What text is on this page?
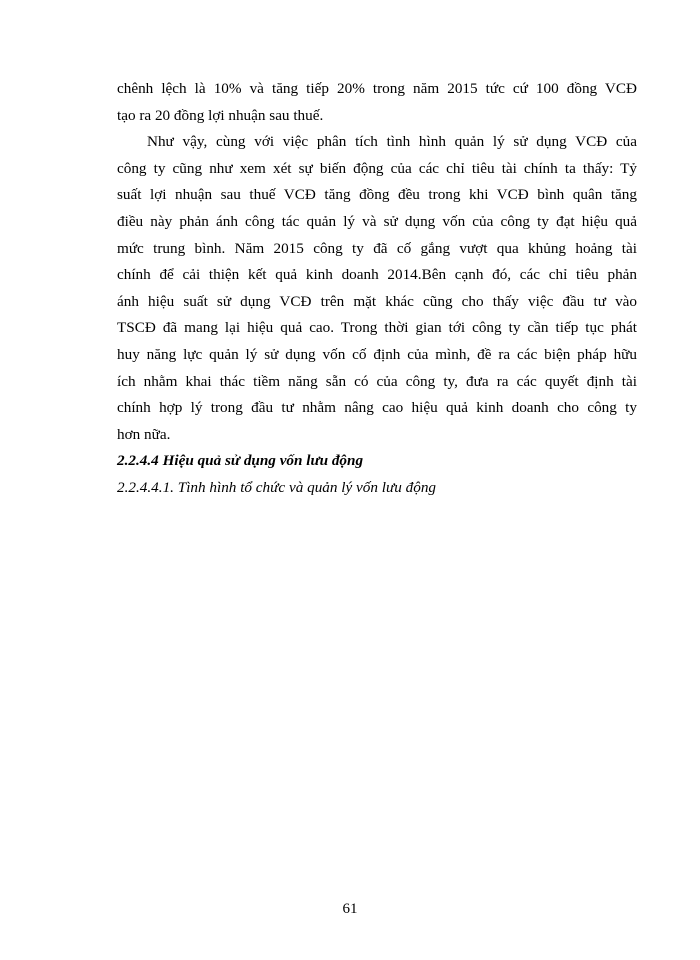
chênh lệch là 10% và tăng tiếp 20% trong năm 2015 tức cứ 100 đồng VCĐ
tạo ra 20 đồng lợi nhuận sau thuế.
Như vậy, cùng với việc phân tích tình hình quản lý sử dụng VCĐ của
công ty cũng như xem xét sự biến động của các chỉ tiêu tài chính ta thấy: Tỷ
suất lợi nhuận sau thuế VCĐ tăng đồng đều trong khi VCĐ bình quân tăng
điều này phản ánh công tác quản lý và sử dụng vốn của công ty đạt hiệu quả
mức trung bình. Năm 2015 công ty đã cố gắng vượt qua khủng hoảng tài
chính để cải thiện kết quả kinh doanh 2014.Bên cạnh đó, các chỉ tiêu phản
ánh hiệu suất sử dụng VCĐ trên mặt khác cũng cho thấy việc đầu tư vào
TSCĐ đã mang lại hiệu quả cao. Trong thời gian tới công ty cần tiếp tục phát
huy năng lực quản lý sử dụng vốn cố định của mình, đề ra các biện pháp hữu
ích nhằm khai thác tiềm năng sẵn có của công ty, đưa ra các quyết định tài
chính hợp lý trong đầu tư nhằm nâng cao hiệu quả kinh doanh cho công ty
hơn nữa.
2.2.4.4 Hiệu quả sử dụng vốn lưu động
2.2.4.4.1. Tình hình tổ chức và quản lý vốn lưu động
61
